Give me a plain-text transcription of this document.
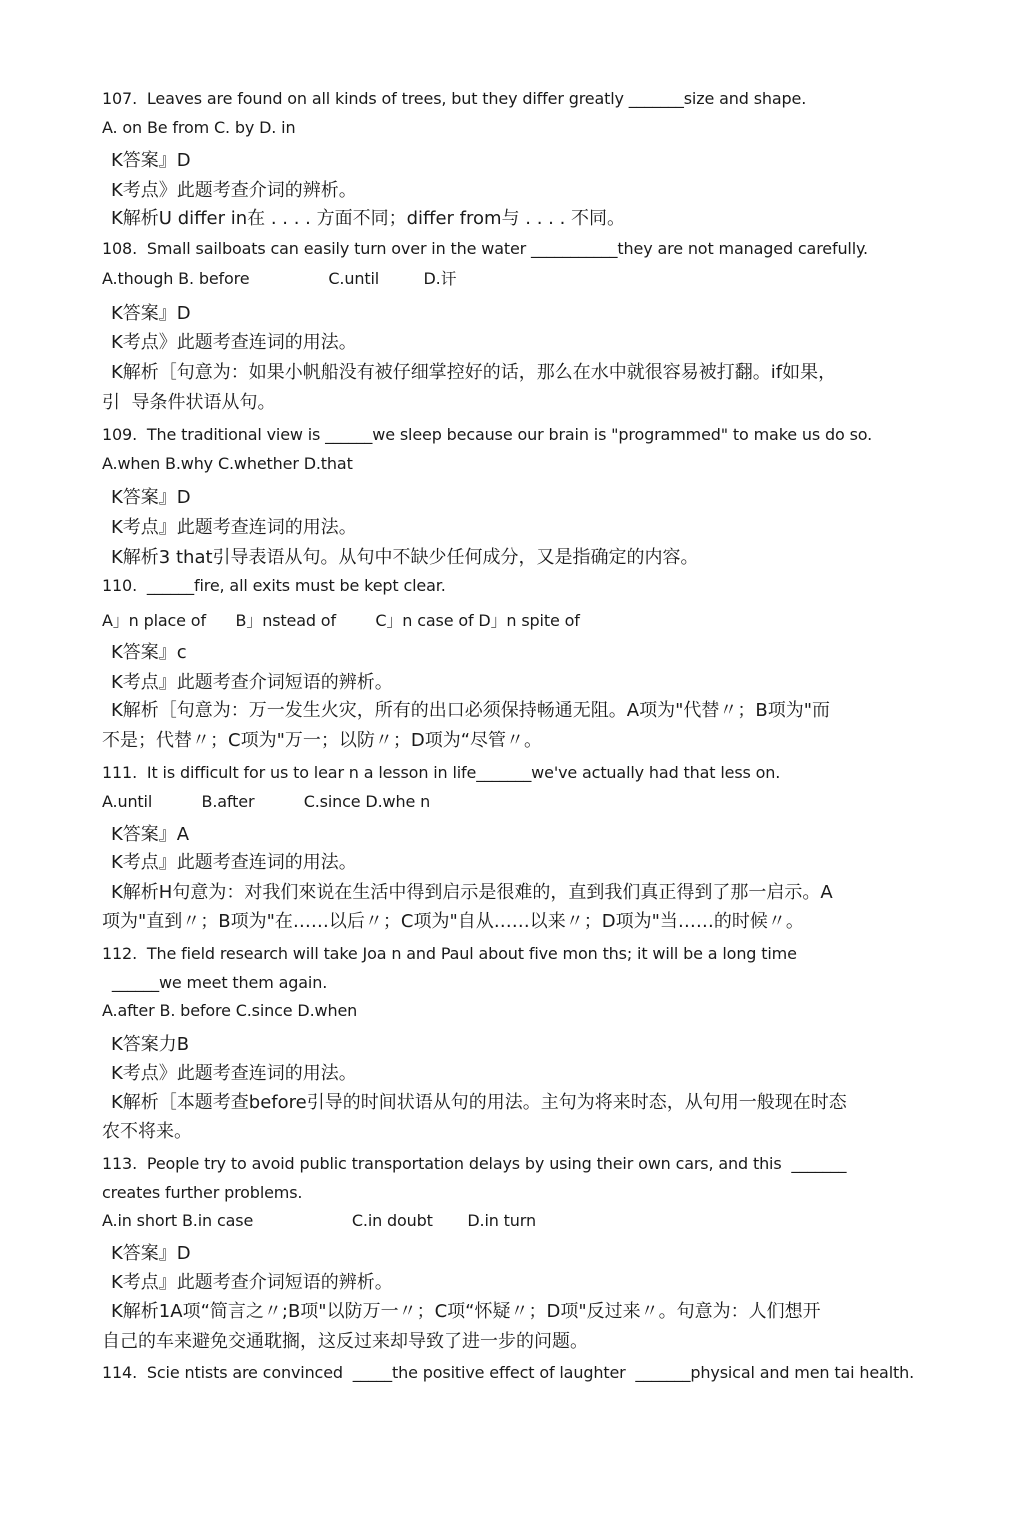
107.  Leaves are found on all kinds of trees, but they differ greatly _______size and shape.
A. on Be from C. by D. in
K答案』D
K考点》此题考查介词的辨析。
K解析U differ in在 . . . . 方面不同；differ from与 . . . . 不同。
108.  Small sailboats can easily turn over in the water ___________they are not managed carefully.
A.though B. before                C.until         D.讦
K答案』D
K考点》此题考查连词的用法。
K解析［句意为：如果小帆船没有被仔细掌控好的话，那么在水中就很容易被打翻。if如果，
引  导条件状语从句。
109.  The traditional view is ______we sleep because our brain is "programmed" to make us do so.
A.when B.why C.whether D.that
K答案』D
K考点』此题考查连词的用法。
K解析3 that引导表语从句。从句中不缺少任何成分，又是指确定的内容。
110.  ______fire, all exits must be kept clear.
A」n place of      B」nstead of        C」n case of D」n spite of
K答案』c
K考点』此题考查介词短语的辨析。
K解析［句意为：万一发生火灾，所有的出口必须保持畅通无阻。A项为"代替〃；B项为"而
不是；代替〃；C项为"万一；以防〃；D项为“尽管〃。
111.  It is difficult for us to lear n a lesson in life_______we've actually had that less on.
A.until          B.after          C.since D.whe n
K答案』A
K考点』此题考查连词的用法。
K解析H句意为：对我们來说在生活中得到启示是很难的，直到我们真正得到了那一启示。A
项为"直到〃；B项为"在……以后〃；C项为"自从……以来〃；D项为"当……的时候〃。
112.  The field research will take Joa n and Paul about five mon ths; it will be a long time
______we meet them again.
A.after B. before C.since D.when
K答案力B
K考点》此题考查连词的用法。
K解析［本题考查before引导的时间状语从句的用法。主句为将来时态，从句用一般现在时态
农不将来。
113.  People try to avoid public transportation delays by using their own cars, and this  _______
creates further problems.
A.in short B.in case                    C.in doubt       D.in turn
K答案』D
K考点』此题考查介词短语的辨析。
K解析1A项“简言之〃;B项"以防万一〃；C项“怀疑〃；D项"反过来〃。句意为：人们想开
自己的车来避免交通耽搁，这反过来却导致了进一步的问题。
114.  Scie ntists are convinced  _____the positive effect of laughter  _______physical and men tai health.
